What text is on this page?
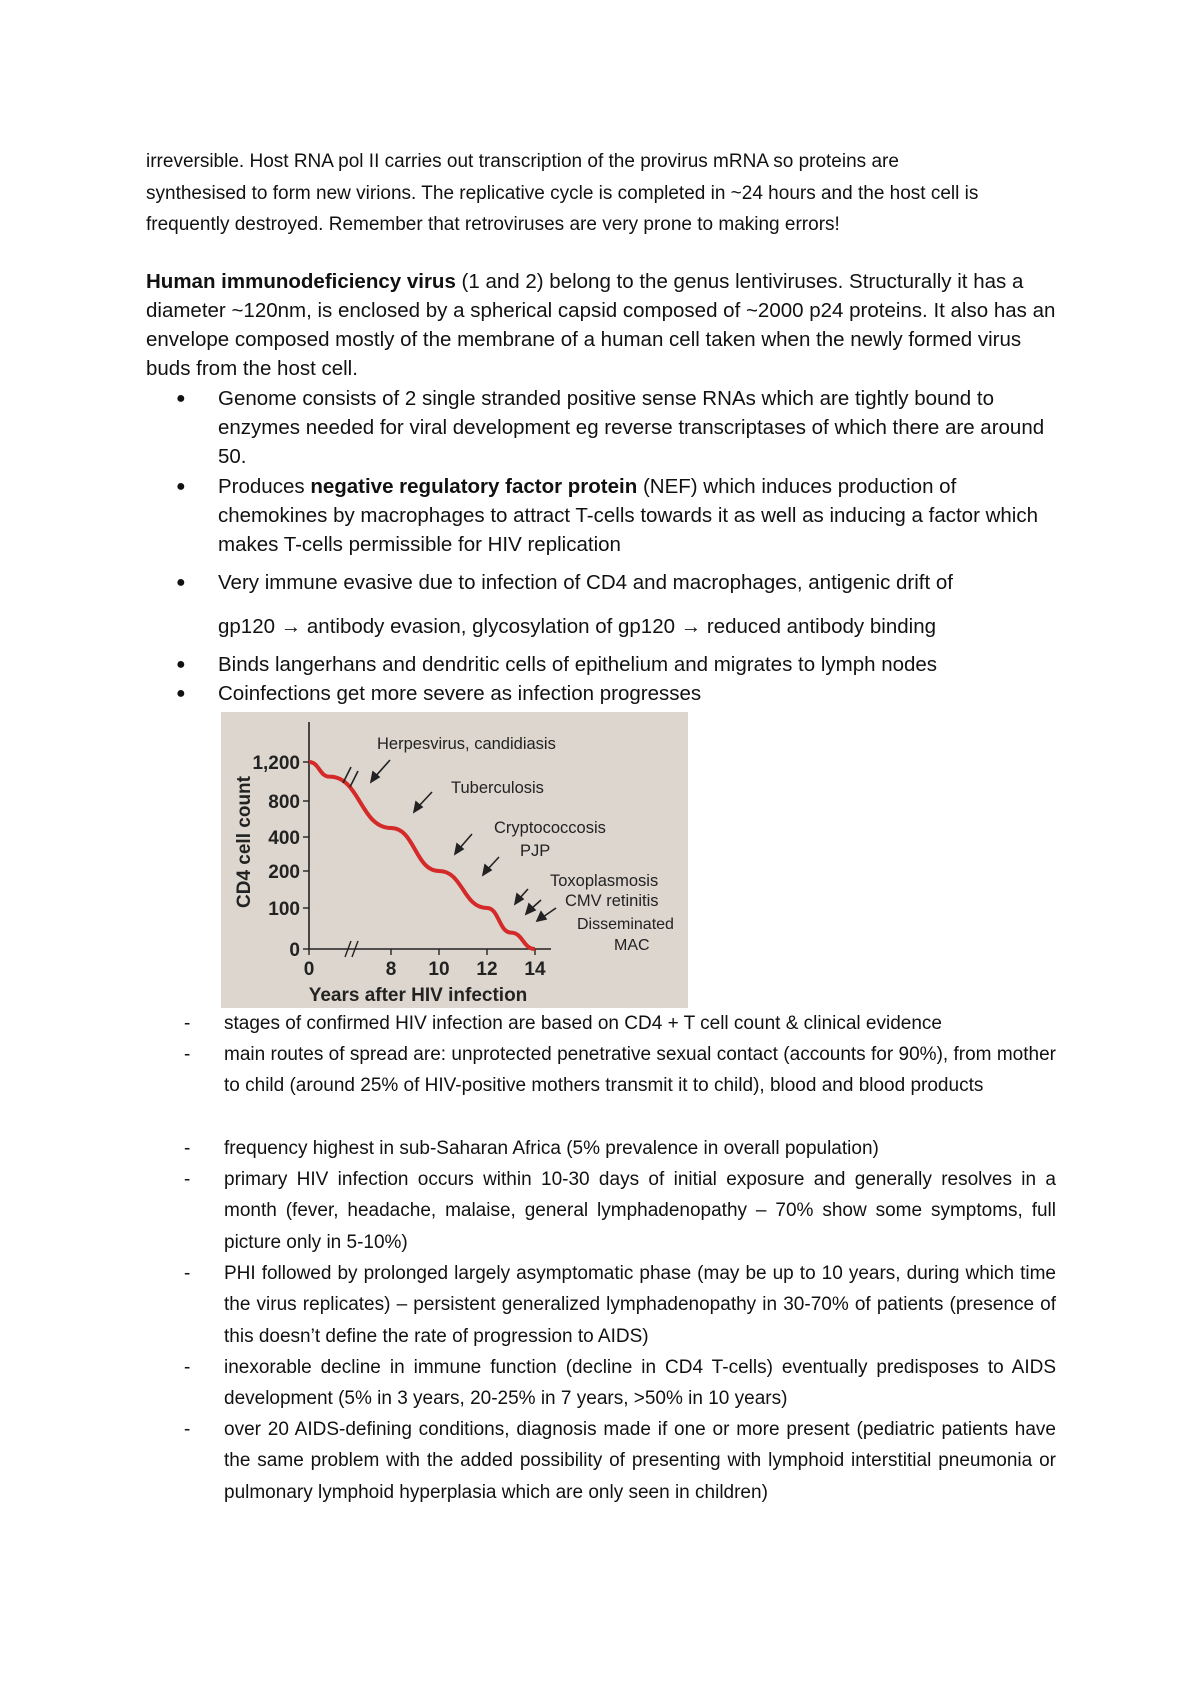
irreversible. Host RNA pol II carries out transcription of the provirus mRNA so proteins are

synthesised to form new virions. The replicative cycle is completed in ~24 hours and the host cell is

frequently destroyed. Remember that retroviruses are very prone to making errors!

Human immunodeficiency virus (1 and 2) belong to the genus lentiviruses. Structurally it has a diameter ~120nm, is enclosed by a spherical capsid composed of ~2000 p24 proteins. It also has an envelope composed mostly of the membrane of a human cell taken when the newly formed virus buds from the host cell.
● Genome consists of 2 single stranded positive sense RNAs which are tightly bound to enzymes needed for viral development eg reverse transcriptases of which there are around 50.
● Produces negative regulatory factor protein (NEF) which induces production of chemokines by macrophages to attract T-cells towards it as well as inducing a factor which makes T-cells permissible for HIV replication
● Very immune evasive due to infection of CD4 and macrophages, antigenic drift of
gp120 → antibody evasion, glycosylation of gp120 → reduced antibody binding
● Binds langerhans and dendritic cells of epithelium and migrates to lymph nodes
● Coinfections get more severe as infection progresses
0
100
200
400
800
1,200
0	8 10 12 14
CD4 cell count
Years after HIV infection
Herpesvirus, candidiasis
Tuberculosis
Cryptococcosis
PJP
Toxoplasmosis
CMV retinitis
Disseminated
MAC
- stages of confirmed HIV infection are based on CD4 + T cell count & clinical evidence
- main routes of spread are: unprotected penetrative sexual contact (accounts for 90%), from mother to child (around 25% of HIV-positive mothers transmit it to child), blood and blood products
- frequency highest in sub-Saharan Africa (5% prevalence in overall population)
- primary HIV infection occurs within 10-30 days of initial exposure and generally resolves in a month (fever, headache, malaise, general lymphadenopathy – 70% show some symptoms, full picture only in 5-10%)
- PHI followed by prolonged largely asymptomatic phase (may be up to 10 years, during which time the virus replicates) – persistent generalized lymphadenopathy in 30-70% of patients (presence of this doesn’t define the rate of progression to AIDS)
- inexorable decline in immune function (decline in CD4 T-cells) eventually predisposes to AIDS development (5% in 3 years, 20-25% in 7 years, >50% in 10 years)
- over 20 AIDS-defining conditions, diagnosis made if one or more present (pediatric patients have the same problem with the added possibility of presenting with lymphoid interstitial pneumonia or pulmonary lymphoid hyperplasia which are only seen in children)
